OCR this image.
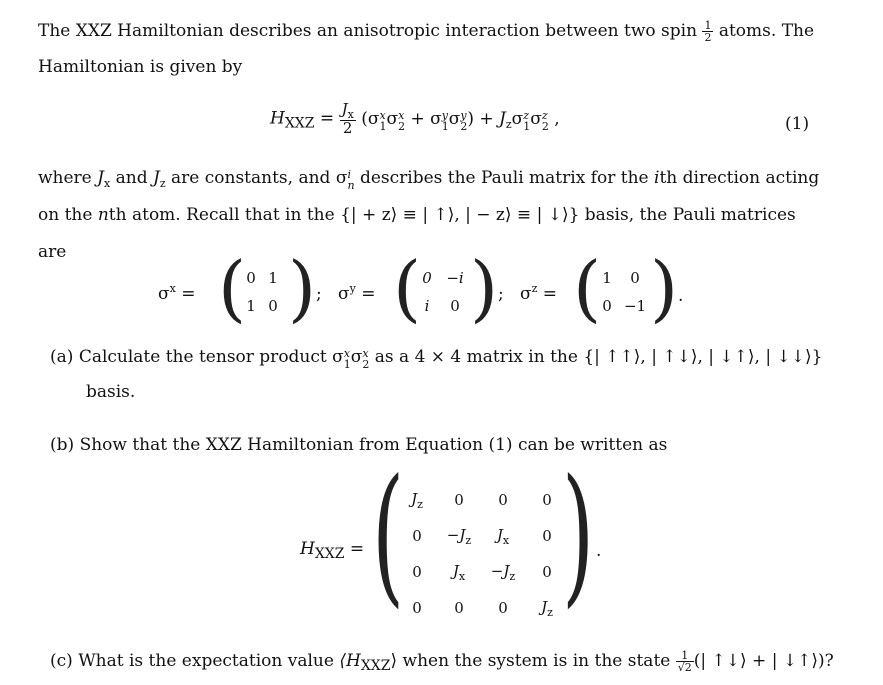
The XXZ Hamiltonian describes an anisotropic interaction between two spin $\frac{1}{2}$ atoms. The
Hamiltonian is given by
$H_{XXZ} = \frac{J_x}{2} (\sigma$ x
1 σ x
2 + σ y
1 σ y
2 ) + $J_z\sigma$ z
1 σ z
2 ,	(1)
where $J_x$ and $J_z$ are constants, and σ i
n describes the Pauli matrix for the ith direction acting
on the nth atom. Recall that in the {| + z⟩ ≡ | ↑⟩, | − z⟩ ≡ | ↓⟩} basis, the Pauli matrices
are
$\sigma^x$ = ( 0	1
1	0 ) ; $\sigma^y$ = ( 0	−i
i	0 ) ; $\sigma^z$ = ( 1	0
0	−1 ) .
(a) Calculate the tensor product σ x
1 σ x
2 as a 4 × 4 matrix in the {| ↑↑⟩, | ↑↓⟩, | ↓↑⟩, | ↓↓⟩}
basis.
(b) Show that the XXZ Hamiltonian from Equation (1) can be written as
$H_{XXZ}$ = ( $J_z$	0	0	0
0	$-J_z$	$J_x$	0
0	$J_x$	$-J_z$	0
0	0	0	$J_z$ ) .
(c) What is the expectation value $⟨H_{XXZ}⟩$ when the system is in the state $\frac{1}{√2}$ (| ↑↓⟩ + | ↓↑⟩)?
